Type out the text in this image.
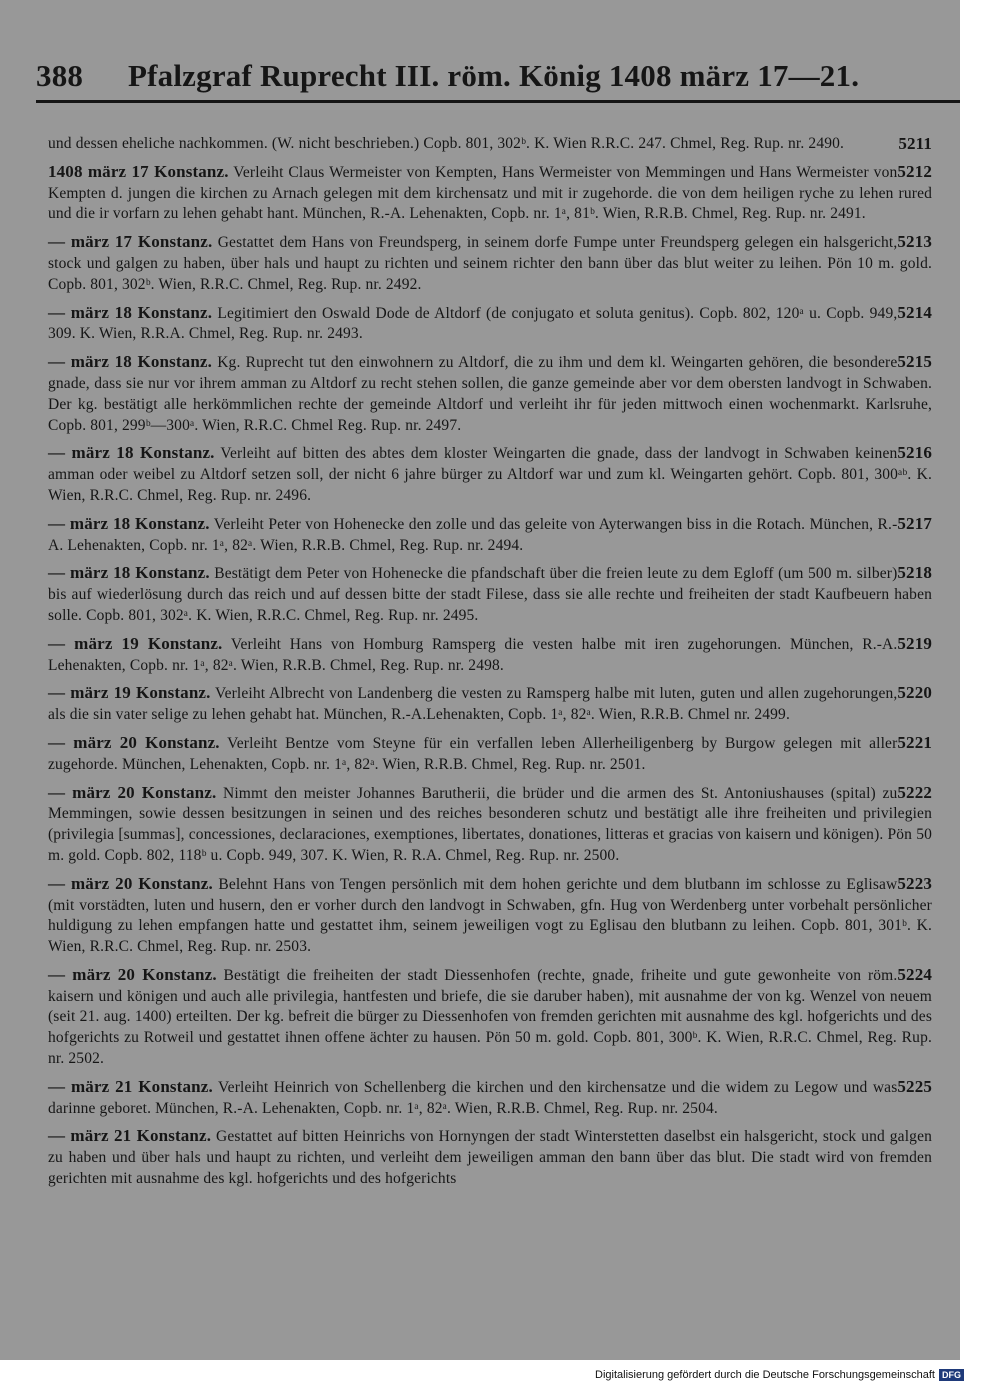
388 Pfalzgraf Ruprecht III. röm. König 1408 märz 17—21.
5211
und dessen eheliche nachkommen. (W. nicht beschrieben.) Copb. 801, 302ᵇ. K. Wien R.R.C. 247. Chmel, Reg. Rup. nr. 2490.
5212
1408 märz 17 Konstanz. Verleiht Claus Wermeister von Kempten, Hans Wermeister von Memmingen und Hans Wermeister von Kempten d. jungen die kirchen zu Arnach gelegen mit dem kirchensatz und mit ir zugehorde. die von dem heiligen ryche zu lehen rured und die ir vorfarn zu lehen gehabt hant. München, R.-A. Lehenakten, Copb. nr. 1ᵃ, 81ᵇ. Wien, R.R.B. Chmel, Reg. Rup. nr. 2491.
5213
— märz 17 Konstanz. Gestattet dem Hans von Freundsperg, in seinem dorfe Fumpe unter Freundsperg gelegen ein halsgericht, stock und galgen zu haben, über hals und haupt zu richten und seinem richter den bann über das blut weiter zu leihen. Pön 10 m. gold. Copb. 801, 302ᵇ. Wien, R.R.C. Chmel, Reg. Rup. nr. 2492.
5214
— märz 18 Konstanz. Legitimiert den Oswald Dode de Altdorf (de conjugato et soluta genitus). Copb. 802, 120ᵃ u. Copb. 949, 309. K. Wien, R.R.A. Chmel, Reg. Rup. nr. 2493.
5215
— märz 18 Konstanz. Kg. Ruprecht tut den einwohnern zu Altdorf, die zu ihm und dem kl. Weingarten gehören, die besondere gnade, dass sie nur vor ihrem amman zu Altdorf zu recht stehen sollen, die ganze gemeinde aber vor dem obersten landvogt in Schwaben. Der kg. bestätigt alle herkömmlichen rechte der gemeinde Altdorf und verleiht ihr für jeden mittwoch einen wochenmarkt. Karlsruhe, Copb. 801, 299ᵇ—300ᵃ. Wien, R.R.C. Chmel Reg. Rup. nr. 2497.
5216
— märz 18 Konstanz. Verleiht auf bitten des abtes dem kloster Weingarten die gnade, dass der landvogt in Schwaben keinen amman oder weibel zu Altdorf setzen soll, der nicht 6 jahre bürger zu Altdorf war und zum kl. Weingarten gehört. Copb. 801, 300ᵃᵇ. K. Wien, R.R.C. Chmel, Reg. Rup. nr. 2496.
5217
— märz 18 Konstanz. Verleiht Peter von Hohenecke den zolle und das geleite von Ayterwangen biss in die Rotach. München, R.-A. Lehenakten, Copb. nr. 1ᵃ, 82ᵃ. Wien, R.R.B. Chmel, Reg. Rup. nr. 2494.
5218
— märz 18 Konstanz. Bestätigt dem Peter von Hohenecke die pfandschaft über die freien leute zu dem Egloff (um 500 m. silber) bis auf wiederlösung durch das reich und auf dessen bitte der stadt Filese, dass sie alle rechte und freiheiten der stadt Kaufbeuern haben solle. Copb. 801, 302ᵃ. K. Wien, R.R.C. Chmel, Reg. Rup. nr. 2495.
5219
— märz 19 Konstanz. Verleiht Hans von Homburg Ramsperg die vesten halbe mit iren zugehorungen. München, R.-A. Lehenakten, Copb. nr. 1ᵃ, 82ᵃ. Wien, R.R.B. Chmel, Reg. Rup. nr. 2498.
5220
— märz 19 Konstanz. Verleiht Albrecht von Landenberg die vesten zu Ramsperg halbe mit luten, guten und allen zugehorungen, als die sin vater selige zu lehen gehabt hat. München, R.-A.Lehenakten, Copb. 1ᵃ, 82ᵃ. Wien, R.R.B. Chmel nr. 2499.
5221
— märz 20 Konstanz. Verleiht Bentze vom Steyne für ein verfallen leben Allerheiligenberg by Burgow gelegen mit aller zugehorde. München, Lehenakten, Copb. nr. 1ᵃ, 82ᵃ. Wien, R.R.B. Chmel, Reg. Rup. nr. 2501.
5222
— märz 20 Konstanz. Nimmt den meister Johannes Barutherii, die brüder und die armen des St. Antoniushauses (spital) zu Memmingen, sowie dessen besitzungen in seinen und des reiches besonderen schutz und bestätigt alle ihre freiheiten und privilegien (privilegia [summas], concessiones, declaraciones, exemptiones, libertates, donationes, litteras et gracias von kaisern und königen). Pön 50 m. gold. Copb. 802, 118ᵇ u. Copb. 949, 307. K. Wien, R. R.A. Chmel, Reg. Rup. nr. 2500.
5223
— märz 20 Konstanz. Belehnt Hans von Tengen persönlich mit dem hohen gerichte und dem blutbann im schlosse zu Eglisaw (mit vorstädten, luten und husern, den er vorher durch den landvogt in Schwaben, gfn. Hug von Werdenberg unter vorbehalt persönlicher huldigung zu lehen empfangen hatte und gestattet ihm, seinem jeweiligen vogt zu Eglisau den blutbann zu leihen. Copb. 801, 301ᵇ. K. Wien, R.R.C. Chmel, Reg. Rup. nr. 2503.
5224
— märz 20 Konstanz. Bestätigt die freiheiten der stadt Diessenhofen (rechte, gnade, friheite und gute gewonheite von röm. kaisern und königen und auch alle privilegia, hantfesten und briefe, die sie daruber haben), mit ausnahme der von kg. Wenzel von neuem (seit 21. aug. 1400) erteilten. Der kg. befreit die bürger zu Diessenhofen von fremden gerichten mit ausnahme des kgl. hofgerichts und des hofgerichts zu Rotweil und gestattet ihnen offene ächter zu hausen. Pön 50 m. gold. Copb. 801, 300ᵇ. K. Wien, R.R.C. Chmel, Reg. Rup. nr. 2502.
5225
— märz 21 Konstanz. Verleiht Heinrich von Schellenberg die kirchen und den kirchensatze und die widem zu Legow und was darinne geboret. München, R.-A. Lehenakten, Copb. nr. 1ᵃ, 82ᵃ. Wien, R.R.B. Chmel, Reg. Rup. nr. 2504.
— märz 21 Konstanz. Gestattet auf bitten Heinrichs von Hornyngen der stadt Winterstetten daselbst ein halsgericht, stock und galgen zu haben und über hals und haupt zu richten, und verleiht dem jeweiligen amman den bann über das blut. Die stadt wird von fremden gerichten mit ausnahme des kgl. hofgerichts und des hofgerichts
Digitalisierung gefördert durch die Deutsche Forschungsgemeinschaft DFG
